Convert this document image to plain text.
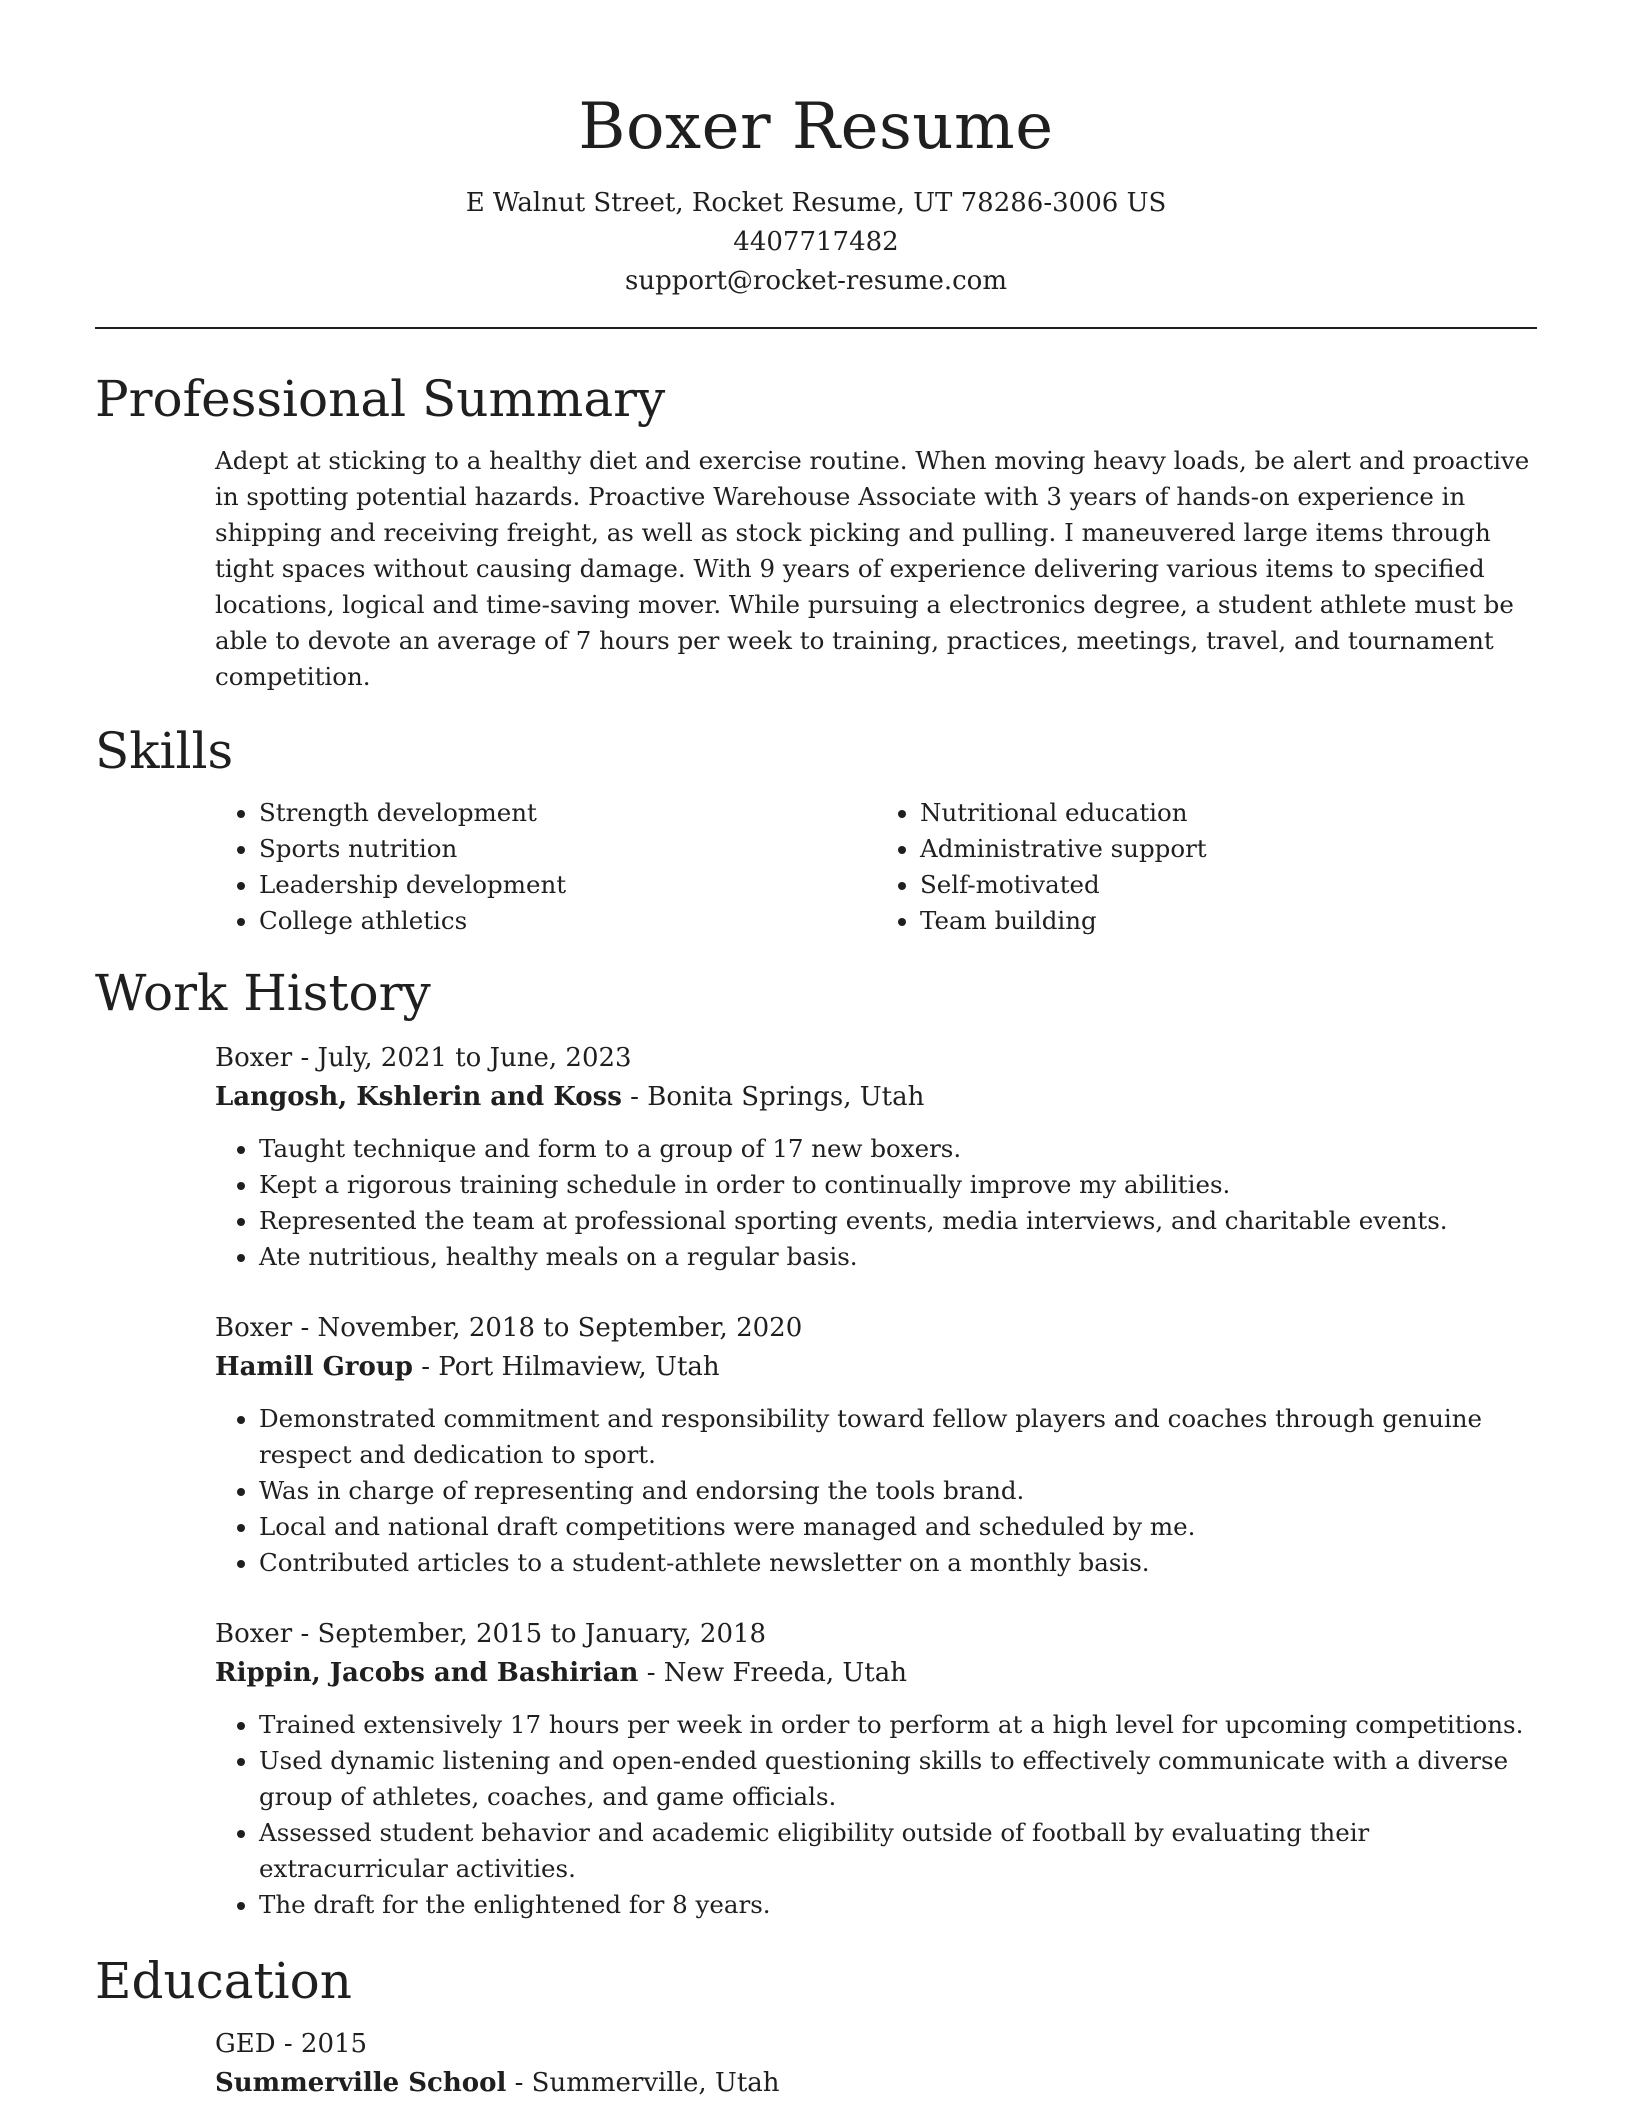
Boxer Resume
E Walnut Street, Rocket Resume, UT 78286-3006 US
4407717482
support@rocket-resume.com
Professional Summary
Adept at sticking to a healthy diet and exercise routine. When moving heavy loads, be alert and proactive in spotting potential hazards. Proactive Warehouse Associate with 3 years of hands-on experience in shipping and receiving freight, as well as stock picking and pulling. I maneuvered large items through tight spaces without causing damage. With 9 years of experience delivering various items to specified locations, logical and time-saving mover. While pursuing a electronics degree, a student athlete must be able to devote an average of 7 hours per week to training, practices, meetings, travel, and tournament competition.
Skills
• Strength development
• Sports nutrition
• Leadership development
• College athletics
• Nutritional education
• Administrative support
• Self-motivated
• Team building
Work History
Boxer - July, 2021 to June, 2023
Langosh, Kshlerin and Koss - Bonita Springs, Utah
• Taught technique and form to a group of 17 new boxers.
• Kept a rigorous training schedule in order to continually improve my abilities.
• Represented the team at professional sporting events, media interviews, and charitable events.
• Ate nutritious, healthy meals on a regular basis.
Boxer - November, 2018 to September, 2020
Hamill Group - Port Hilmaview, Utah
• Demonstrated commitment and responsibility toward fellow players and coaches through genuine respect and dedication to sport.
• Was in charge of representing and endorsing the tools brand.
• Local and national draft competitions were managed and scheduled by me.
• Contributed articles to a student-athlete newsletter on a monthly basis.
Boxer - September, 2015 to January, 2018
Rippin, Jacobs and Bashirian - New Freeda, Utah
• Trained extensively 17 hours per week in order to perform at a high level for upcoming competitions.
• Used dynamic listening and open-ended questioning skills to effectively communicate with a diverse group of athletes, coaches, and game officials.
• Assessed student behavior and academic eligibility outside of football by evaluating their extracurricular activities.
• The draft for the enlightened for 8 years.
Education
GED - 2015
Summerville School - Summerville, Utah
